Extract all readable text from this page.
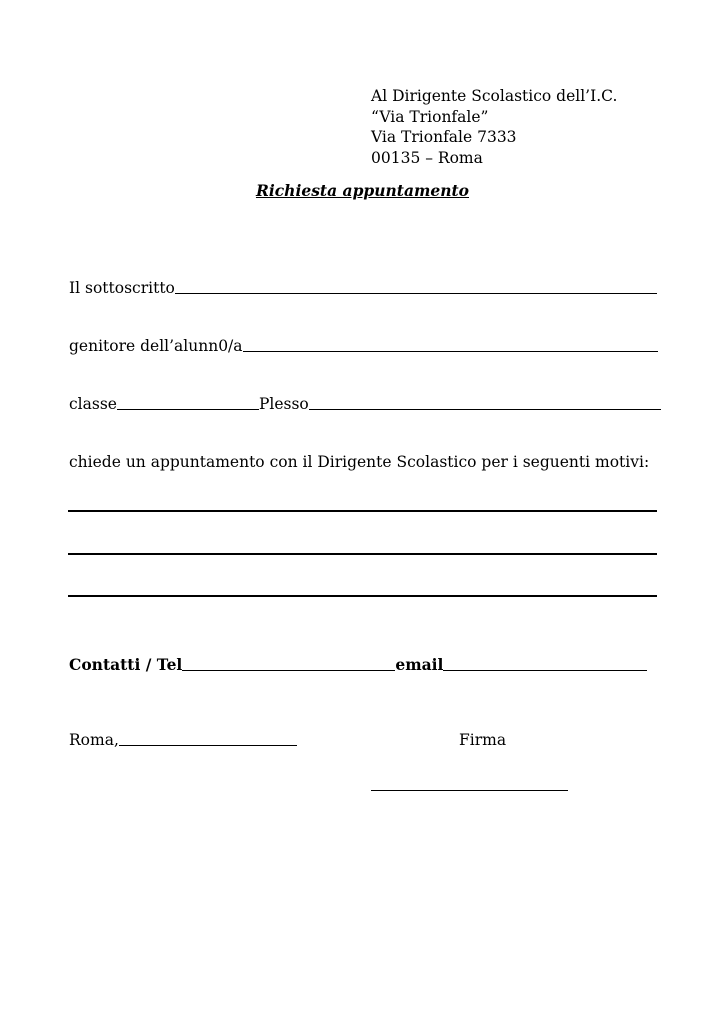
Al Dirigente Scolastico dell’I.C.
“Via Trionfale”
Via Trionfale 7333
00135 – Roma
Richiesta appuntamento
Il sottoscritto
genitore dell’alunn0/a
classe	Plesso
chiede un appuntamento con il Dirigente Scolastico per i seguenti motivi:
Contatti / Tel	email
Roma,	Firma
